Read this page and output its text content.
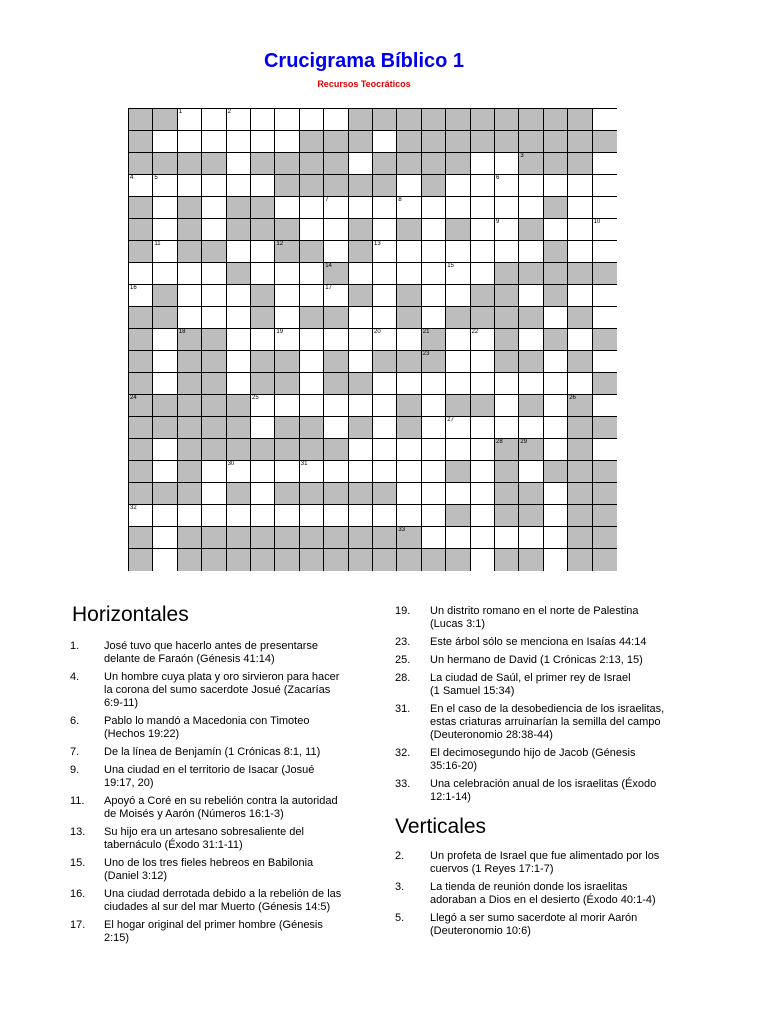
Crucigrama Bíblico 1
Recursos Teocráticos
1	2
3
4	5	6
7	8
9	10
11	12	13
14	15
16	17
18	19	20	21	22
23
24	25	26
27
28	29
30	31
32
33
Horizontales
1. José tuvo que hacerlo antes de presentarse
delante de Faraón (Génesis 41:14)
4. Un hombre cuya plata y oro sirvieron para hacer
la corona del sumo sacerdote Josué (Zacarías
6:9-11)
6. Pablo lo mandó a Macedonia con Timoteo
(Hechos 19:22)
7. De la línea de Benjamín (1 Crónicas 8:1, 11)
9. Una ciudad en el territorio de Isacar (Josué
19:17, 20)
11. Apoyó a Coré en su rebelión contra la autoridad
de Moisés y Aarón (Números 16:1-3)
13. Su hijo era un artesano sobresaliente del
tabernáculo (Éxodo 31:1-11)
15. Uno de los tres fieles hebreos en Babilonia
(Daniel 3:12)
16. Una ciudad derrotada debido a la rebelión de las
ciudades al sur del mar Muerto (Génesis 14:5)
17. El hogar original del primer hombre (Génesis
2:15)
19. Un distrito romano en el norte de Palestina
(Lucas 3:1)
23. Este árbol sólo se menciona en Isaías 44:14
25. Un hermano de David (1 Crónicas 2:13, 15)
28. La ciudad de Saúl, el primer rey de Israel
(1 Samuel 15:34)
31. En el caso de la desobediencia de los israelitas,
estas criaturas arruinarían la semilla del campo
(Deuteronomio 28:38-44)
32. El decimosegundo hijo de Jacob (Génesis
35:16-20)
33. Una celebración anual de los israelitas (Éxodo
12:1-14)
Verticales
2. Un profeta de Israel que fue alimentado por los
cuervos (1 Reyes 17:1-7)
3. La tienda de reunión donde los israelitas
adoraban a Dios en el desierto (Éxodo 40:1-4)
5. Llegó a ser sumo sacerdote al morir Aarón
(Deuteronomio 10:6)
